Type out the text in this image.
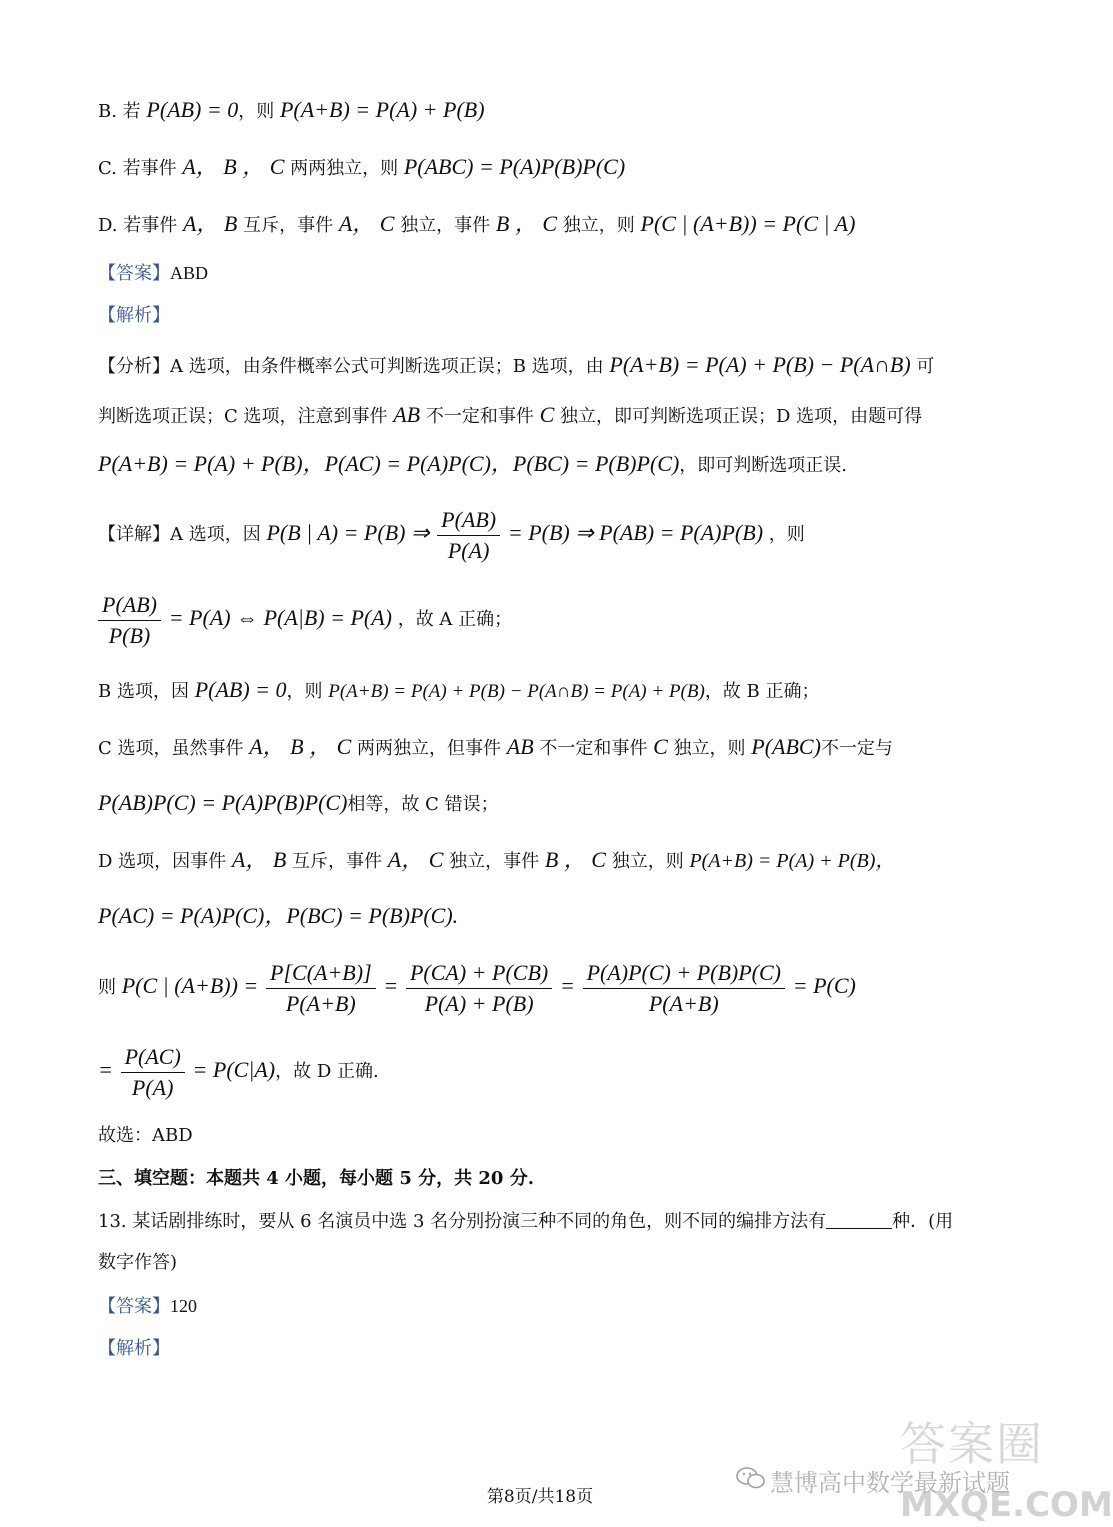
B. 若 P(AB) = 0，则 P(A+B) = P(A) + P(B)
C. 若事件 A， B ， C 两两独立，则 P(ABC) = P(A)P(B)P(C)
D. 若事件 A， B 互斥，事件 A， C 独立，事件 B ， C 独立，则 P(C | (A+B)) = P(C | A)
【答案】ABD
【解析】
【分析】A 选项，由条件概率公式可判断选项正误；B 选项，由 P(A+B) = P(A) + P(B) − P(A∩B) 可
判断选项正误；C 选项，注意到事件 AB 不一定和事件 C 独立，即可判断选项正误；D 选项，由题可得
P(A+B) = P(A) + P(B)，P(AC) = P(A)P(C)，P(BC) = P(B)P(C)，即可判断选项正误.
【详解】A 选项，因 P(B | A) = P(B) ⇒ $\frac{P(AB)}{P(A)} = P(B)$ ⇒ P(AB) = P(A)P(B) ，则
$\frac{P(AB)}{P(B)} = P(A)$ ⇔ P(A|B) = P(A) ，故 A 正确；
B 选项，因 P(AB) = 0，则 P(A+B) = P(A) + P(B) − P(A∩B) = P(A) + P(B)，故 B 正确；
C 选项，虽然事件 A， B ， C 两两独立，但事件 AB 不一定和事件 C 独立，则 P(ABC)不一定与
P(AB)P(C) = P(A)P(B)P(C)相等，故 C 错误；
D 选项，因事件 A， B 互斥，事件 A， C 独立，事件 B ， C 独立，则 P(A+B) = P(A) + P(B)，
P(AC) = P(A)P(C)，P(BC) = P(B)P(C).
则 P(C | $(A+B)) = \frac{P[C(A+B)]}{P(A+B)} = \frac{P(CA) + P(CB)}{P(A) + P(B)} = \frac{P(A)P(C) + P(B)P(C)}{P(A+B)} = P(C)$
= $\frac{P(AC)}{P(A)} = P(C|A)$，故 D 正确.
故选：ABD
三、填空题：本题共 4 小题，每小题 5 分，共 20 分.
13. 某话剧排练时，要从 6 名演员中选 3 名分别扮演三种不同的角色，则不同的编排方法有	种．(用
数字作答)
【答案】120
【解析】
慧博高中数学最新试题
答案圈
MXQE.COM
第8页/共18页
